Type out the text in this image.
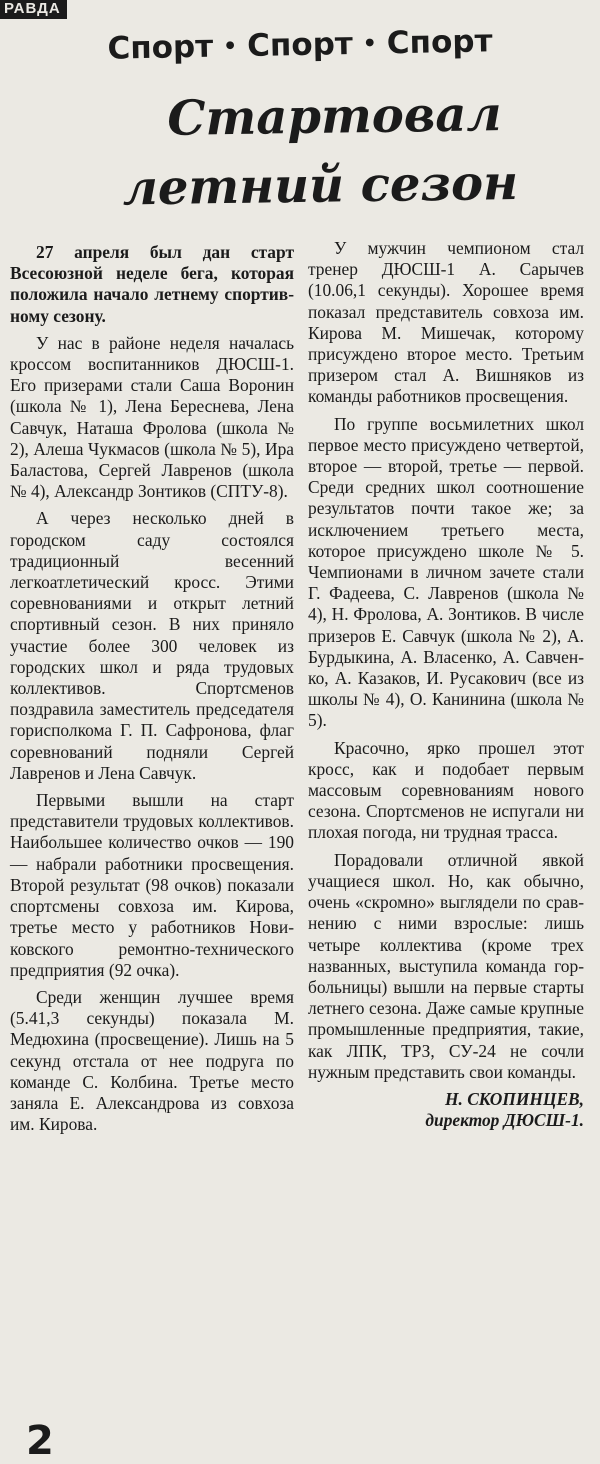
РАВДА
Спорт • Спорт • Спорт
Стартовал
летний сезон

27 апреля был дан старт Всесоюзной неделе бега, которая положила начало летнему спортивному сезону.

У нас в районе неделя началась кроссом воспитанников ДЮСШ-1. Его призерами стали Саша Воронин (школа № 1), Лена Береснева, Лена Савчук, Наташа Фролова (школа № 2), Алеша Чукмасов (школа № 5), Ира Баластова, Сергей Лавренов (школа № 4), Александр Зонтиков (СПТУ-8).

А через несколько дней в городском саду состоялся традиционный весенний легкоатлетический кросс. Этими соревнованиями и открыт летний спортивный сезон. В них приняло участие более 300 человек из городских школ и ряда трудовых коллективов. Спортсменов поздравила заместитель председателя горисполкома Г. П. Сафронова, флаг соревнований подняли Сергей Лавренов и Лена Савчук.

Первыми вышли на старт представители трудовых коллективов. Наибольшее количество очков — 190 — набрали работники просвещения. Второй результат (98 очков) показали спортсмены совхоза им. Кирова, третье место у работников Новиковского ремонтно-технического предприятия (92 очка).

Среди женщин лучшее время (5.41,3 секунды) показала М. Медюхина (просвещение). Лишь на 5 секунд отстала от нее подруга по команде С. Колбина. Третье место заняла Е. Александрова из совхоза им. Кирова.

У мужчин чемпионом стал тренер ДЮСШ-1 А. Сарычев (10.06,1 секунды). Хорошее время показал представитель совхоза им. Кирова М. Мишечак, которому присуждено второе место. Третьим призером стал А. Вишняков из команды работников просвещения.

По группе восьмилетних школ первое место присуждено четвертой, второе — второй, третье — первой. Среди средних школ соотношение результатов почти такое же; за исключением третьего места, которое присуждено школе № 5. Чемпионами в личном зачете стали Г. Фадеева, С. Лавренов (школа № 4), Н. Фролова, А. Зонтиков. В числе призеров Е. Савчук (школа № 2), А. Бурдыкина, А. Власенко, А. Савченко, А. Казаков, И. Русакович (все из школы № 4), О. Канинина (школа № 5).

Красочно, ярко прошел этот кросс, как и подобает первым массовым соревнованиям нового сезона. Спортсменов не испугали ни плохая погода, ни трудная трасса.

Порадовали отличной явкой учащиеся школ. Но, как обычно, очень «скромно» выглядели по сравнению с ними взрослые: лишь четыре коллектива (кроме трех названных, выступила команда горбольницы) вышли на первые старты летнего сезона. Даже самые крупные промышленные предприятия, такие, как ЛПК, ТРЗ, СУ-24 не сочли нужным представить свои команды.

Н. СКОПИНЦЕВ,
директор ДЮСШ-1.
2
